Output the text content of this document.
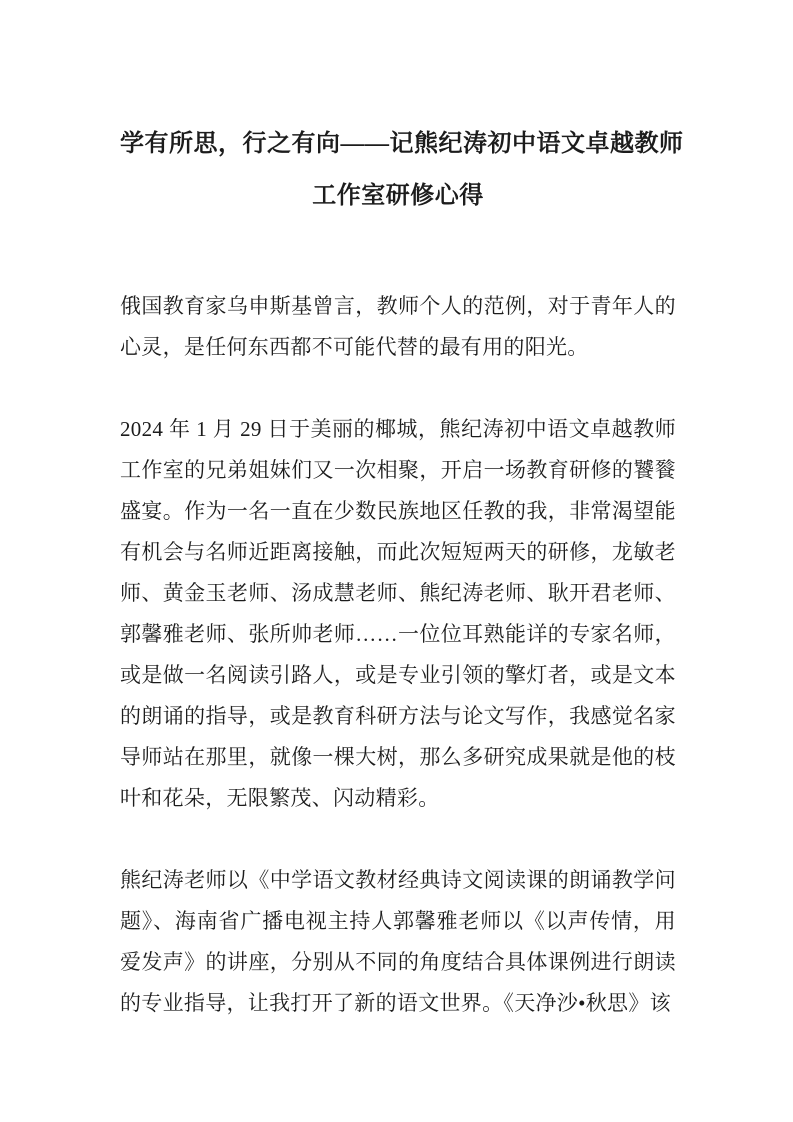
学有所思，行之有向——记熊纪涛初中语文卓越教师
工作室研修心得

俄国教育家乌申斯基曾言，教师个人的范例，对于青年人的心灵，是任何东西都不可能代替的最有用的阳光。

2024 年 1 月 29 日于美丽的椰城，熊纪涛初中语文卓越教师工作室的兄弟姐妹们又一次相聚，开启一场教育研修的饕餮盛宴。作为一名一直在少数民族地区任教的我，非常渴望能有机会与名师近距离接触，而此次短短两天的研修，龙敏老师、黄金玉老师、汤成慧老师、熊纪涛老师、耿开君老师、郭馨雅老师、张所帅老师……一位位耳熟能详的专家名师，或是做一名阅读引路人，或是专业引领的擎灯者，或是文本的朗诵的指导，或是教育科研方法与论文写作，我感觉名家导师站在那里，就像一棵大树，那么多研究成果就是他的枝叶和花朵，无限繁茂、闪动精彩。

熊纪涛老师以《中学语文教材经典诗文阅读课的朗诵教学问题》、海南省广播电视主持人郭馨雅老师以《以声传情，用爱发声》的讲座，分别从不同的角度结合具体课例进行朗读的专业指导，让我打开了新的语文世界。《天净沙•秋思》该
